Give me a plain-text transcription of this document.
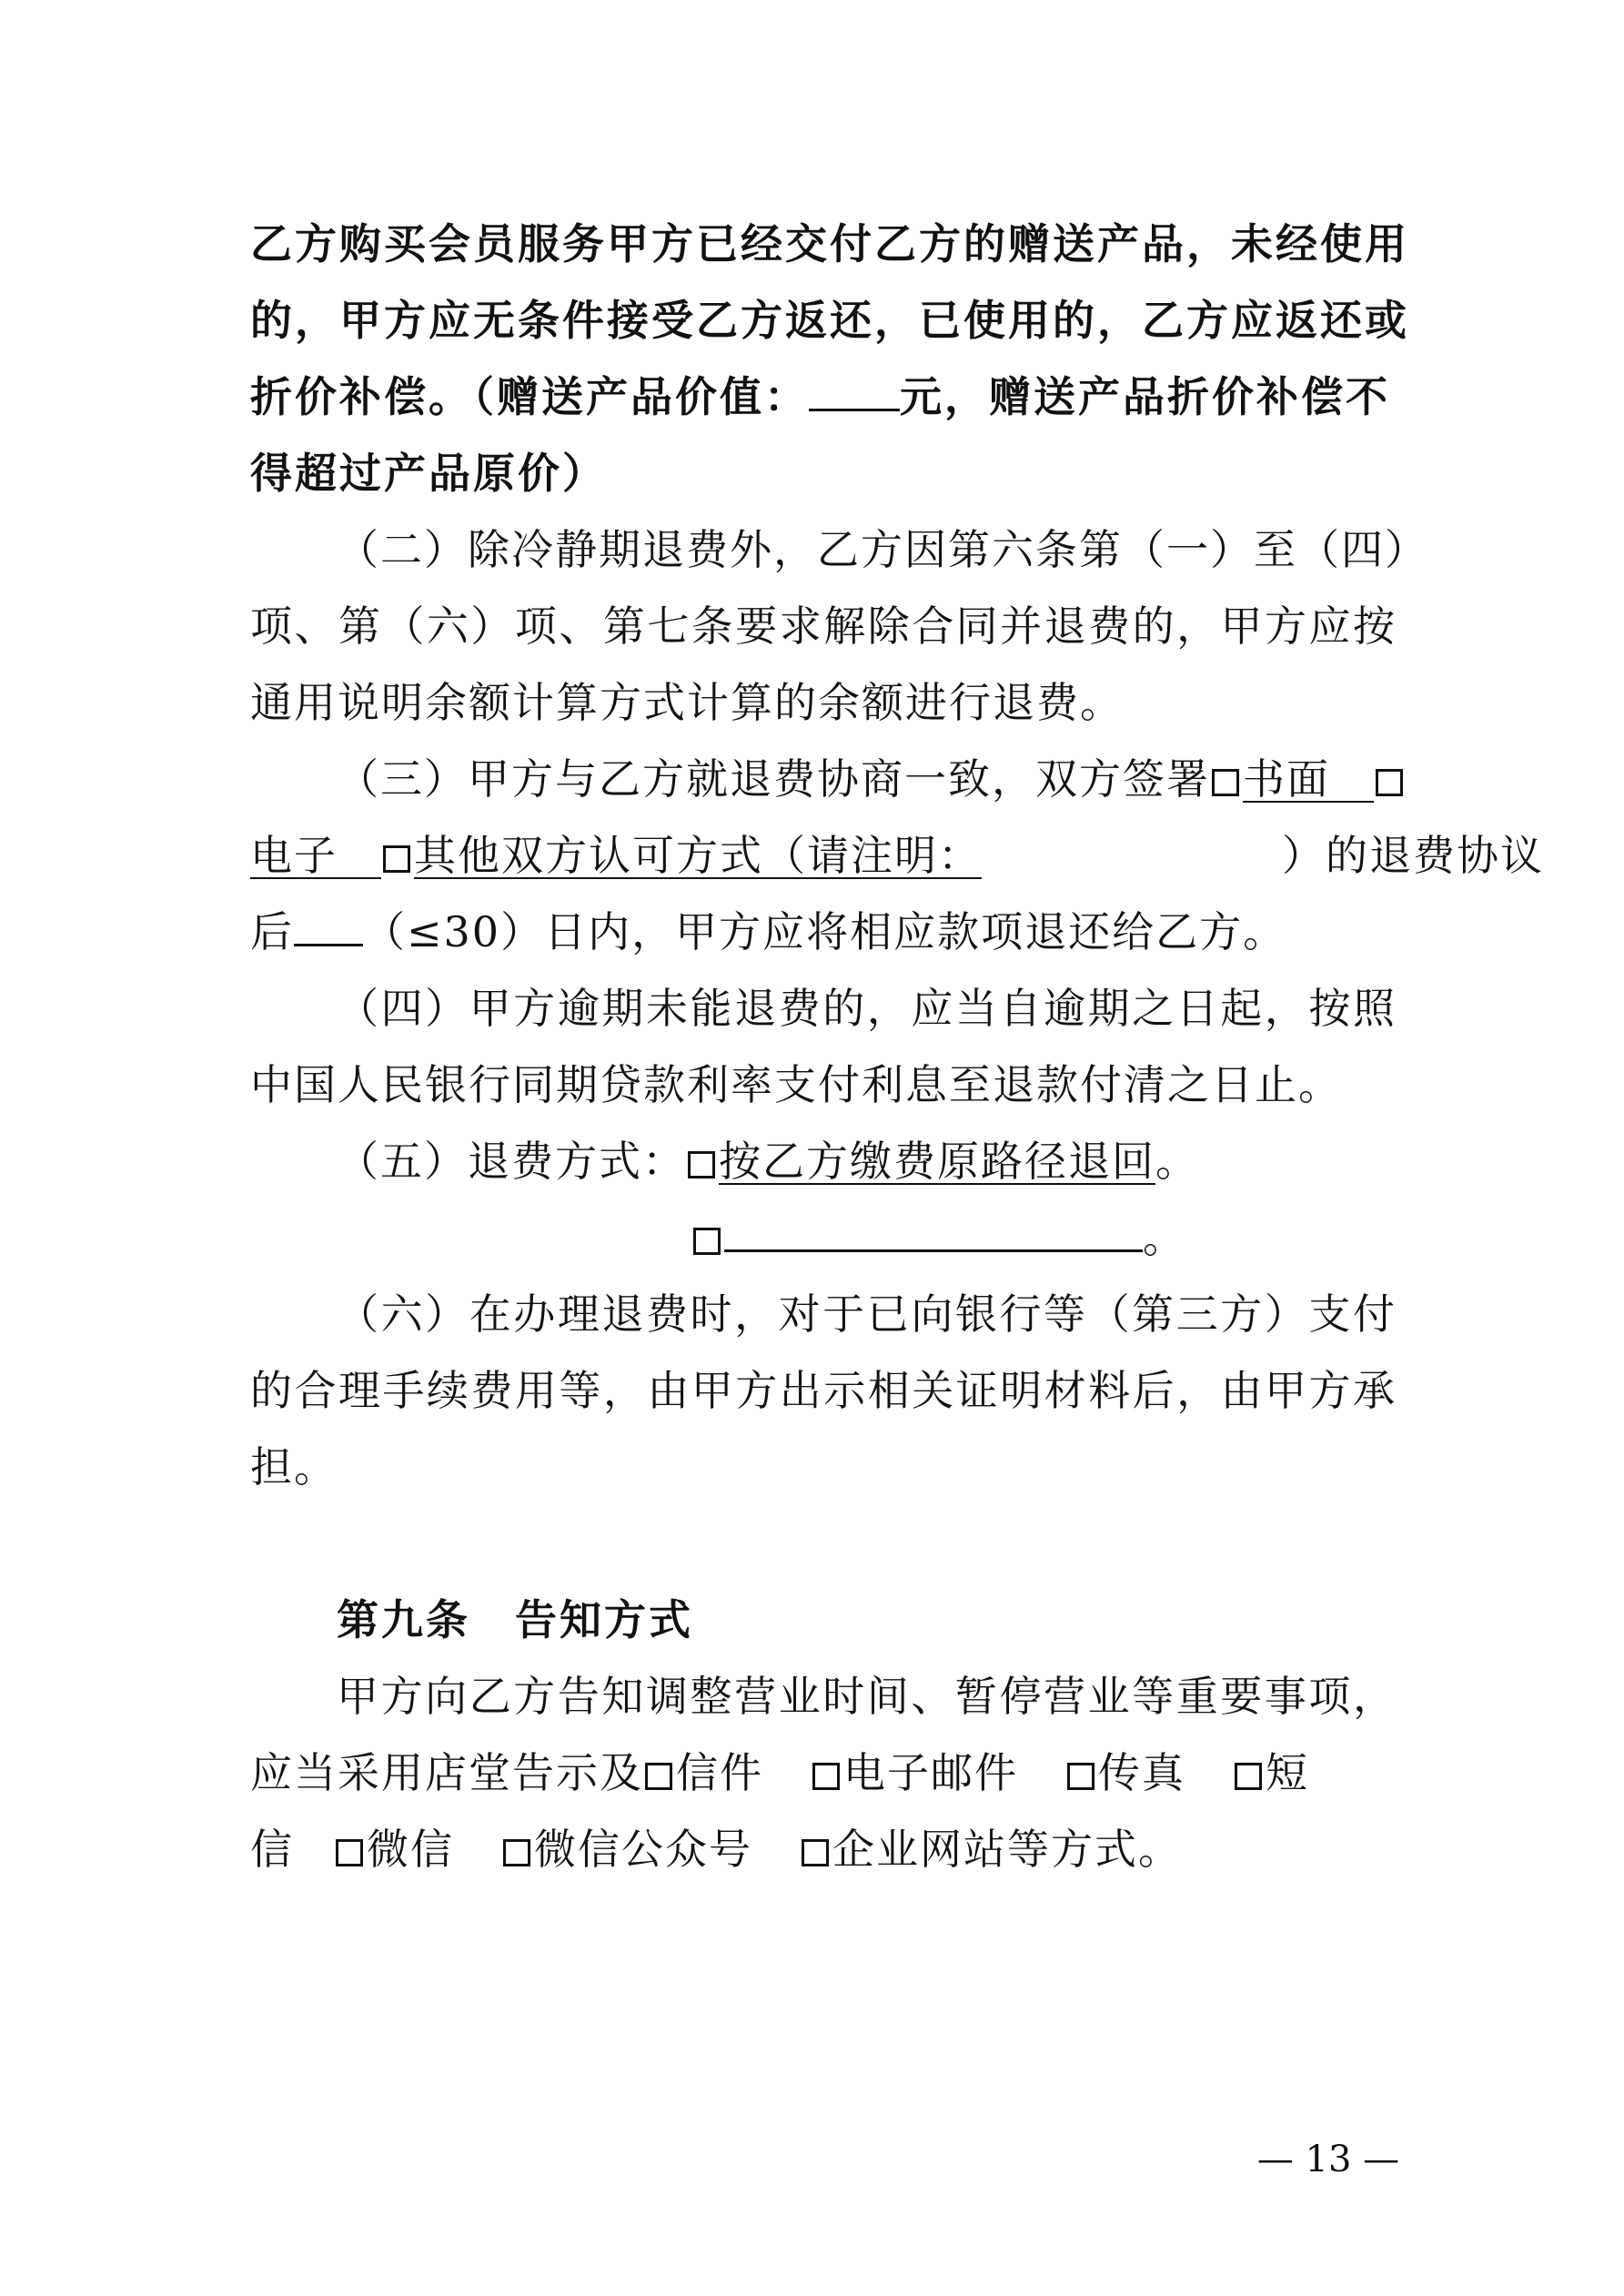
乙方购买会员服务甲方已经交付乙方的赠送产品，未经使用
的，甲方应无条件接受乙方返还，已使用的，乙方应返还或
折价补偿。（赠送产品价值： 元，赠送产品折价补偿不
得超过产品原价）
（二）除冷静期退费外，乙方因第六条第（一）至（四）
项、第（六）项、第七条要求解除合同并退费的，甲方应按
通用说明余额计算方式计算的余额进行退费。
（三）甲方与乙方就退费协商一致，双方签署 书面 
电子  其他双方认可方式（请注明：	）的退费协议
后 （≤30）日内，甲方应将相应款项退还给乙方。
（四）甲方逾期未能退费的，应当自逾期之日起，按照
中国人民银行同期贷款利率支付利息至退款付清之日止。
（五）退费方式： 按乙方缴费原路径退回。
。
（六）在办理退费时，对于已向银行等（第三方）支付
的合理手续费用等，由甲方出示相关证明材料后，由甲方承
担。
第九条　告知方式
甲方向乙方告知调整营业时间、暂停营业等重要事项，
应当采用店堂告示及 信件 电子邮件 传真 短
信 微信 微信公众号 企业网站等方式。
— 13 —
